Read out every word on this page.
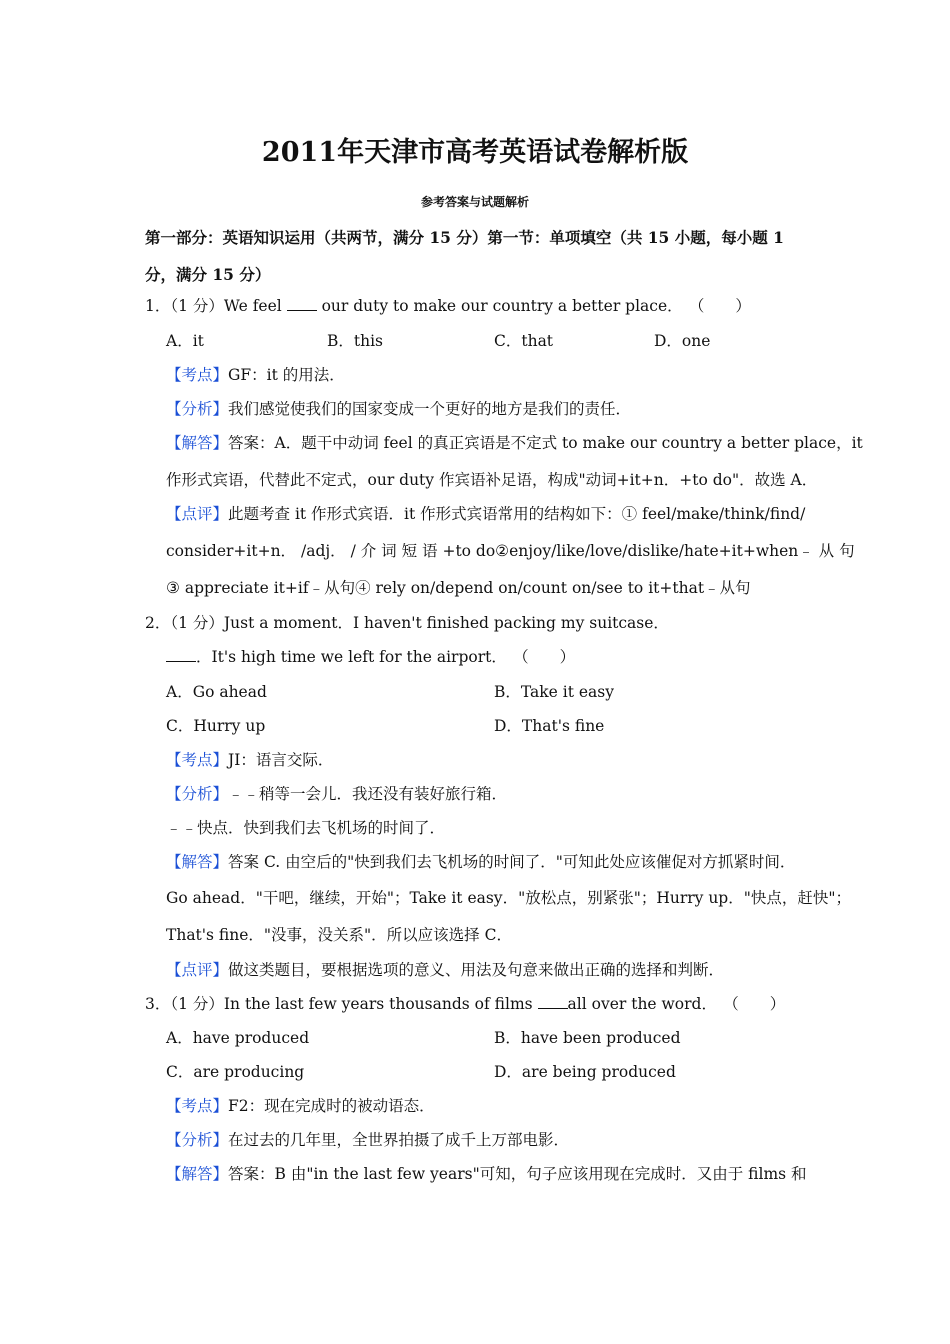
2011年天津市高考英语试卷解析版
参考答案与试题解析
第一部分：英语知识运用（共两节，满分 15 分）第一节：单项填空（共 15 小题，每小题 1 分，满分 15 分）
1．（1 分）We feel  our duty to make our country a better place． （　　）
A．it	B．this	C．that	D．one
【考点】GF：it 的用法．
【分析】我们感觉使我们的国家变成一个更好的地方是我们的责任．
【解答】答案：A．题干中动词 feel 的真正宾语是不定式 to make our country a better place，it
作形式宾语，代替此不定式，our duty 作宾语补足语，构成"动词+it+n．+to do"．故选 A．
【点评】此题考查 it 作形式宾语．it 作形式宾语常用的结构如下：① feel/make/think/find/
consider+it+n． /adj． / 介 词 短 语 +to do②enjoy/like/love/dislike/hate+it+when﹣ 从 句
③ appreciate it+if﹣从句④ rely on/depend on/count on/see to it+that﹣从句
2．（1 分）Just a moment．I haven't finished packing my suitcase．
．It's high time we left for the airport． （　　）
A．Go ahead	B．Take it easy
C．Hurry up	D．That's fine
【考点】JI：语言交际．
【分析】﹣﹣稍等一会儿．我还没有装好旅行箱．
﹣﹣快点．快到我们去飞机场的时间了．
【解答】答案 C. 由空后的"快到我们去飞机场的时间了．"可知此处应该催促对方抓紧时间．
Go ahead．"干吧，继续，开始"；Take it easy．"放松点，别紧张"；Hurry up．"快点，赶快"；
That's fine．"没事，没关系"．所以应该选择 C．
【点评】做这类题目，要根据选项的意义、用法及句意来做出正确的选择和判断．
3．（1 分）In the last few years thousands of films all over the word． （　　）
A．have produced	B．have been produced
C．are producing	D．are being produced
【考点】F2：现在完成时的被动语态．
【分析】在过去的几年里，全世界拍摄了成千上万部电影．
【解答】答案：B 由"in the last few years"可知，句子应该用现在完成时．又由于 films 和
